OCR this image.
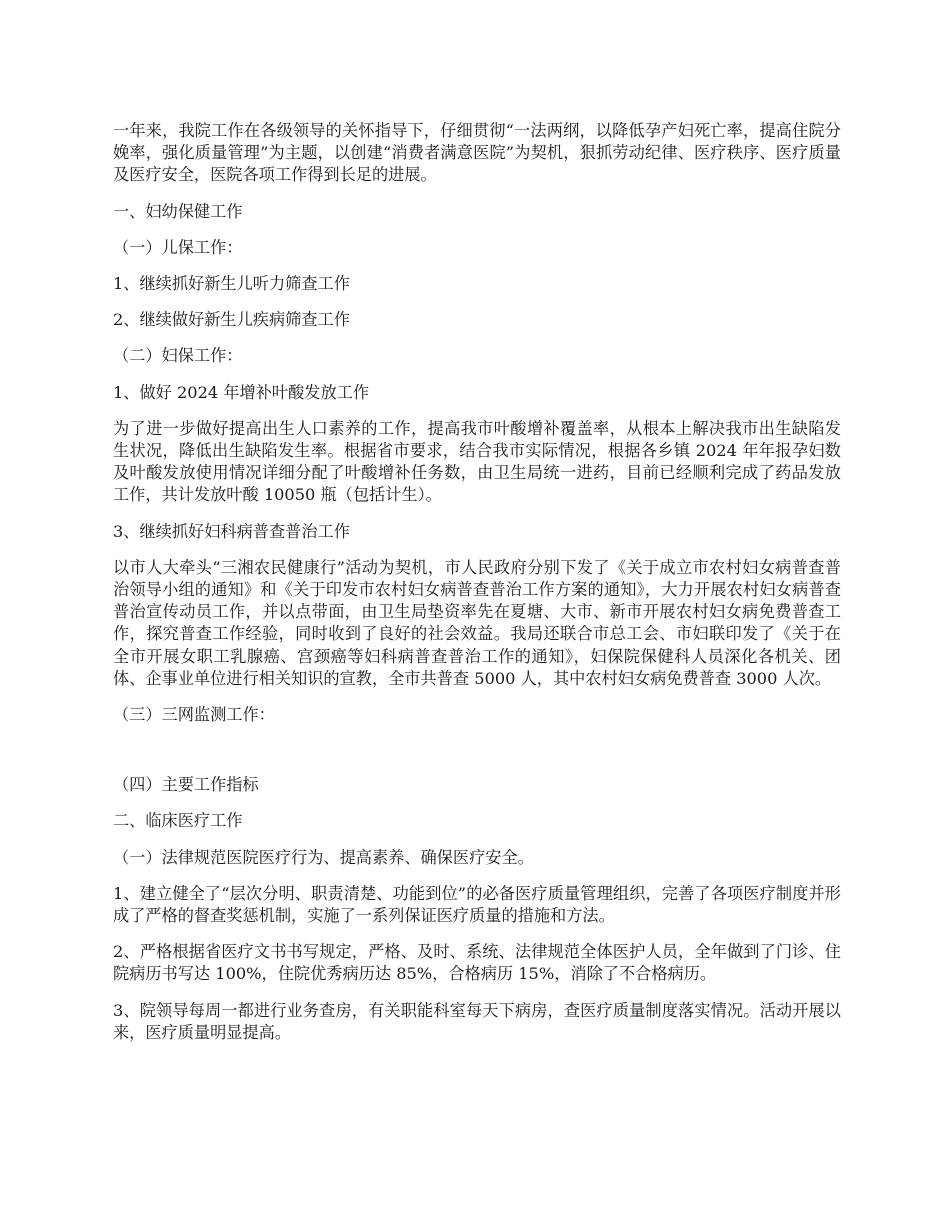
一年来，我院工作在各级领导的关怀指导下，仔细贯彻“一法两纲，以降低孕产妇死亡率，提高住院分娩率，强化质量管理”为主题，以创建“消费者满意医院”为契机，狠抓劳动纪律、医疗秩序、医疗质量及医疗安全，医院各项工作得到长足的进展。

一、妇幼保健工作

（一）儿保工作：

1、继续抓好新生儿听力筛查工作

2、继续做好新生儿疾病筛查工作

（二）妇保工作：

1、做好 2024 年增补叶酸发放工作

为了进一步做好提高出生人口素养的工作，提高我市叶酸增补覆盖率，从根本上解决我市出生缺陷发生状况，降低出生缺陷发生率。根据省市要求，结合我市实际情况，根据各乡镇 2024 年年报孕妇数及叶酸发放使用情况详细分配了叶酸增补任务数，由卫生局统一进药，目前已经顺利完成了药品发放工作，共计发放叶酸 10050 瓶（包括计生）。

3、继续抓好妇科病普查普治工作

以市人大牵头“三湘农民健康行”活动为契机，市人民政府分别下发了《关于成立市农村妇女病普查普治领导小组的通知》和《关于印发市农村妇女病普查普治工作方案的通知》，大力开展农村妇女病普查普治宣传动员工作，并以点带面，由卫生局垫资率先在夏塘、大市、新市开展农村妇女病免费普查工作，探究普查工作经验，同时收到了良好的社会效益。我局还联合市总工会、市妇联印发了《关于在全市开展女职工乳腺癌、宫颈癌等妇科病普查普治工作的通知》，妇保院保健科人员深化各机关、团体、企事业单位进行相关知识的宣教，全市共普查 5000 人，其中农村妇女病免费普查 3000 人次。

（三）三网监测工作：

（四）主要工作指标

二、临床医疗工作

（一）法律规范医院医疗行为、提高素养、确保医疗安全。

1、建立健全了“层次分明、职责清楚、功能到位”的必备医疗质量管理组织，完善了各项医疗制度并形成了严格的督查奖惩机制，实施了一系列保证医疗质量的措施和方法。

2、严格根据省医疗文书书写规定，严格、及时、系统、法律规范全体医护人员，全年做到了门诊、住院病历书写达 100%，住院优秀病历达 85%，合格病历 15%，消除了不合格病历。

3、院领导每周一都进行业务查房，有关职能科室每天下病房，查医疗质量制度落实情况。活动开展以来，医疗质量明显提高。
